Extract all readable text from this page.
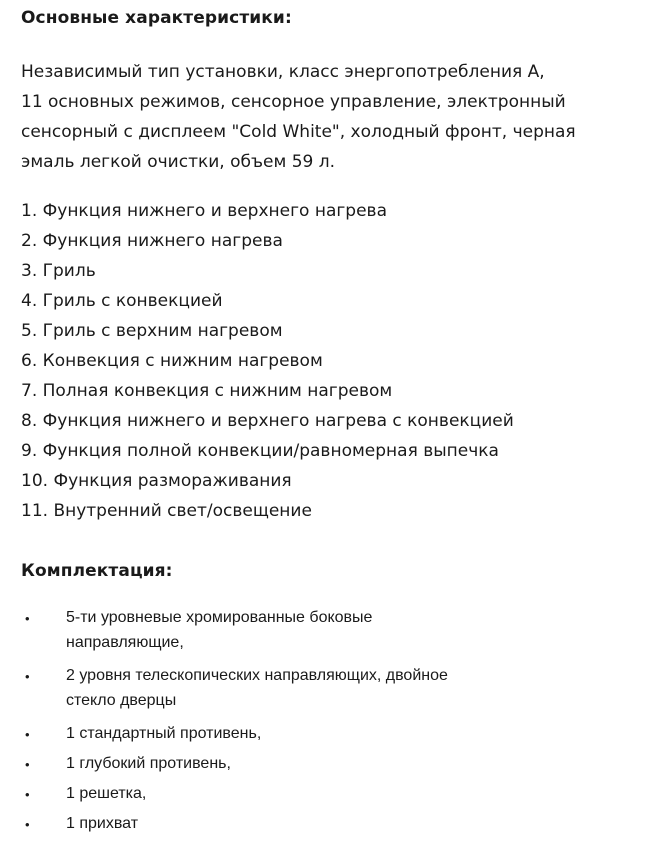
Основные характеристики:

Независимый тип установки, класс энергопотребления А,
11 основных режимов, сенсорное управление, электронный
сенсорный с дисплеем "Cold White", холодный фронт, черная
эмаль легкой очистки, объем 59 л.

1. Функция нижнего и верхнего нагрева
2. Функция нижнего нагрева
3. Гриль
4. Гриль с конвекцией
5. Гриль с верхним нагревом
6. Конвекция с нижним нагревом
7. Полная конвекция с нижним нагревом
8. Функция нижнего и верхнего нагрева с конвекцией
9. Функция полной конвекции/равномерная выпечка
10. Функция размораживания
11. Внутренний свет/освещение
Комплектация:
• 5-ти уровневые хромированные боковые
направляющие,
• 2 уровня телескопических направляющих, двойное
стекло дверцы
• 1 стандартный противень,
• 1 глубокий противень,
• 1 решетка,
• 1 прихват
